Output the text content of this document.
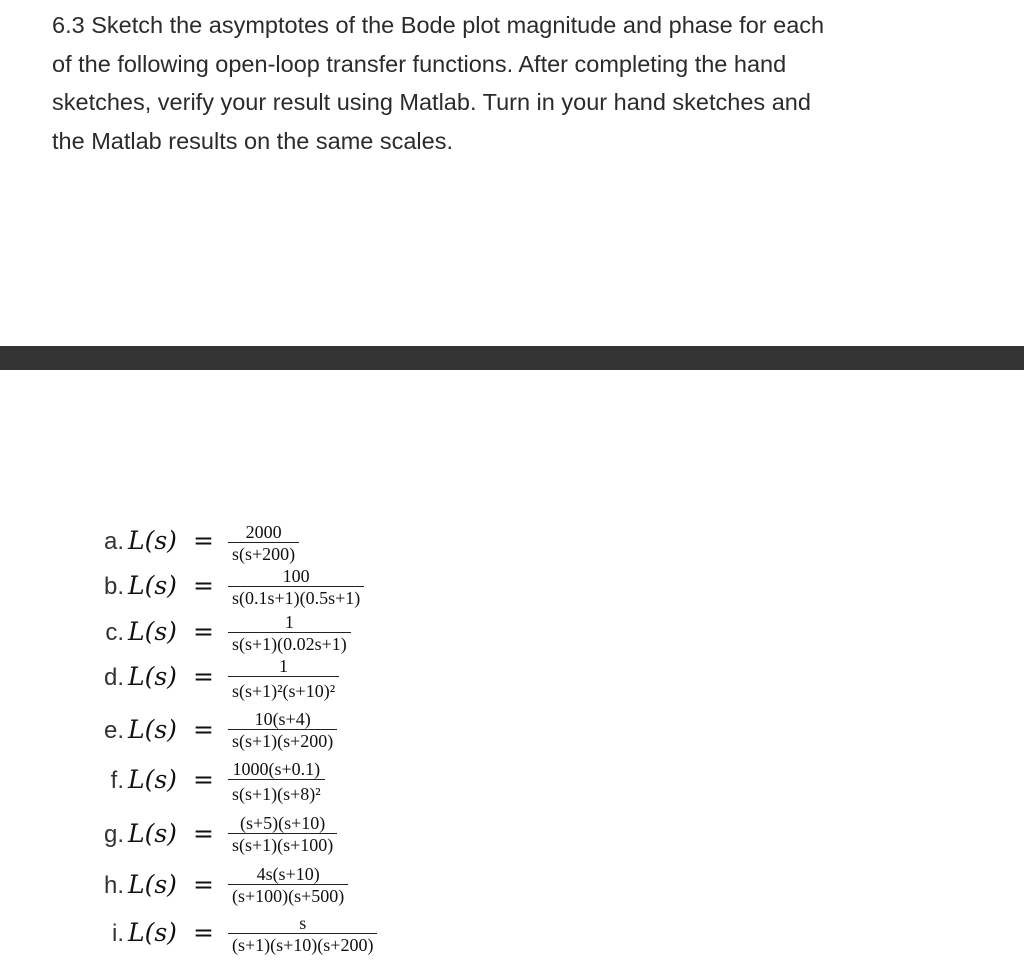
6.3 Sketch the asymptotes of the Bode plot magnitude and phase for each
of the following open-loop transfer functions. After completing the hand
sketches, verify your result using Matlab. Turn in your hand sketches and
the Matlab results on the same scales.
a. $L(s) = \frac{2000}{s(s+200)}$
b. $L(s) = \frac{100}{s(0.1s+1)(0.5s+1)}$
c. $L(s) = \frac{1}{s(s+1)(0.02s+1)}$
d. $L(s) = \frac{1}{\text{s(s+1)²(s+10)²}}$
e. $L(s) = \frac{10(s+4)}{s(s+1)(s+200)}$
f. $L(s) = \frac{1000(s+0.1)}{\text{s(s+1)(s+8)²}}$
g. $L(s) = \frac{(s+5)(s+10)}{s(s+1)(s+100)}$
h. $L(s) = \frac{4s(s+10)}{(s+100)(s+500)}$
i. $L(s) = \frac{s}{(s+1)(s+10)(s+200)}$
